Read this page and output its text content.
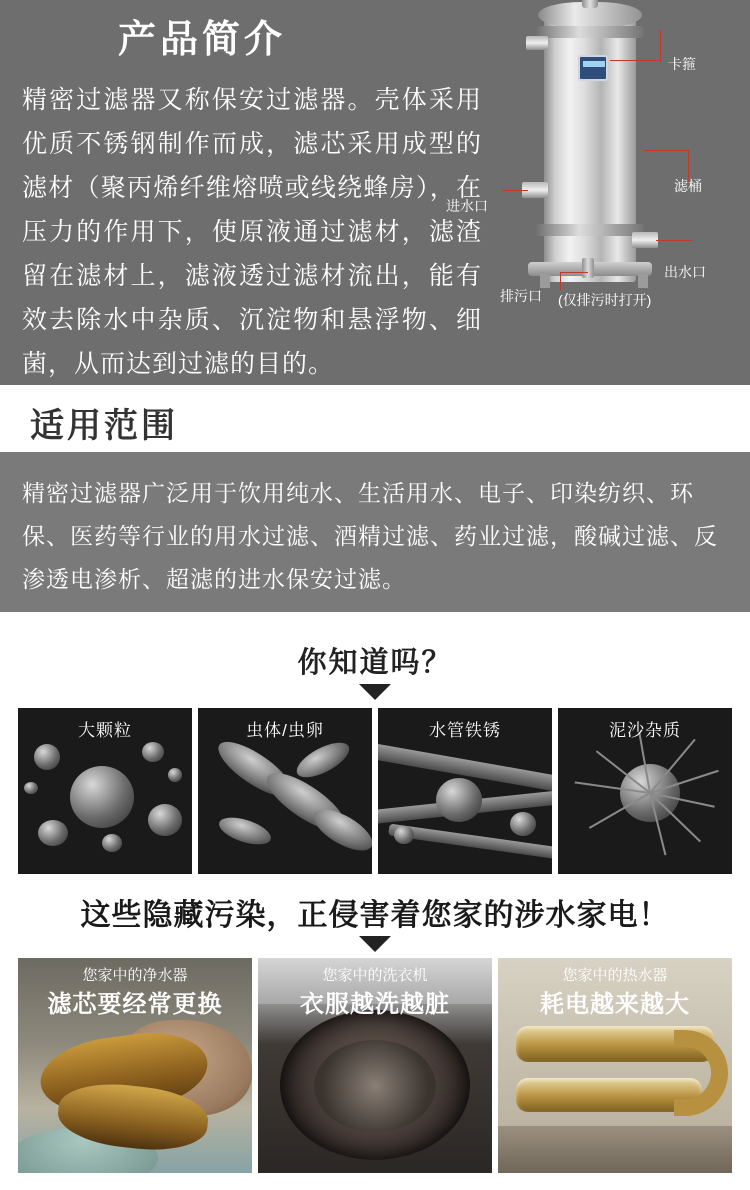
产品简介
精密过滤器又称保安过滤器。壳体采用优质不锈钢制作而成，滤芯采用成型的滤材（聚丙烯纤维熔喷或线绕蜂房），在压力的作用下，使原液通过滤材，滤渣留在滤材上，滤液透过滤材流出，能有效去除水中杂质、沉淀物和悬浮物、细菌，从而达到过滤的目的。
卡箍
滤桶
进水口
出水口
排污口 (仅排污时打开)
适用范围
精密过滤器广泛用于饮用纯水、生活用水、电子、印染纺织、环保、医药等行业的用水过滤、酒精过滤、药业过滤，酸碱过滤、反渗透电渗析、超滤的进水保安过滤。
你知道吗？
大颗粒	虫体/虫卵	水管铁锈	泥沙杂质
这些隐藏污染，正侵害着您家的涉水家电！
您家中的净水器
滤芯要经常更换
您家中的洗衣机
衣服越洗越脏
您家中的热水器
耗电越来越大
